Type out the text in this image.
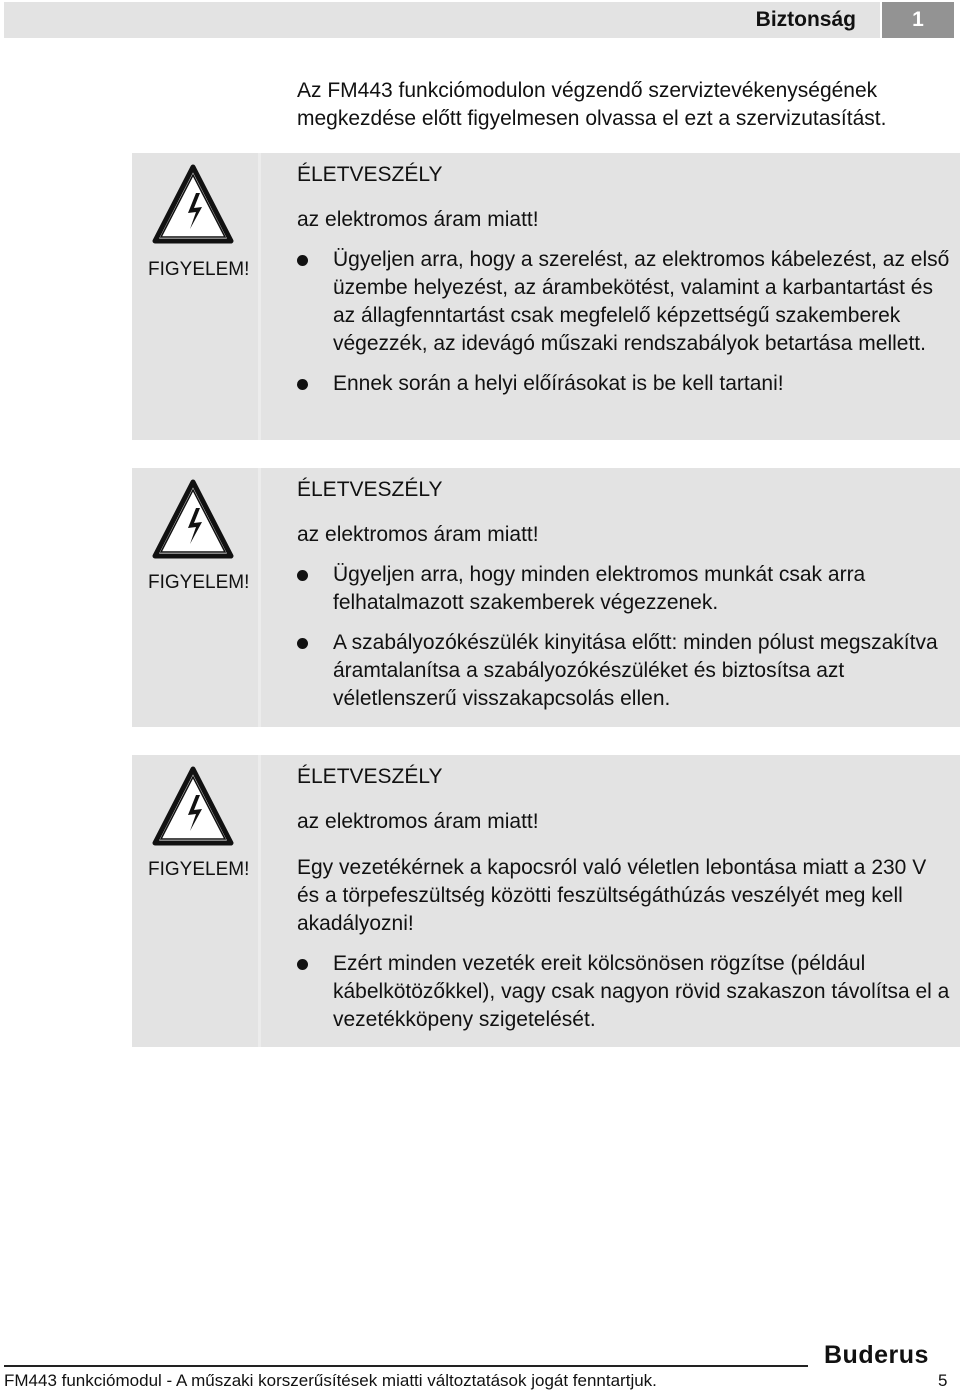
Biztonság	1
Az FM443 funkciómodulon végzendő szerviztevékenységének megkezdése előtt figyelmesen olvassa el ezt a szervizutasítást.
FIGYELEM!
ÉLETVESZÉLY
az elektromos áram miatt!
Ügyeljen arra, hogy a szerelést, az elektromos kábelezést, az első üzembe helyezést, az árambekötést, valamint a karbantartást és az állagfenntartást csak megfelelő képzettségű szakemberek végezzék, az idevágó műszaki rendszabályok betartása mellett.
Ennek során a helyi előírásokat is be kell tartani!
FIGYELEM!
ÉLETVESZÉLY
az elektromos áram miatt!
Ügyeljen arra, hogy minden elektromos munkát csak arra felhatalmazott szakemberek végezzenek.
A szabályozókészülék kinyitása előtt: minden pólust megszakítva áramtalanítsa a szabályozókészüléket és biztosítsa azt véletlenszerű visszakapcsolás ellen.
FIGYELEM!
ÉLETVESZÉLY
az elektromos áram miatt!
Egy vezetékérnek a kapocsról való véletlen lebontása miatt a 230 V és a törpefeszültség közötti feszültségáthúzás veszélyét meg kell akadályozni!
Ezért minden vezeték ereit kölcsönösen rögzítse (például kábelkötözőkkel), vagy csak nagyon rövid szakaszon távolítsa el a vezetékköpeny szigetelését.
Buderus
FM443 funkciómodul - A műszaki korszerűsítések miatti változtatások jogát fenntartjuk.	5
